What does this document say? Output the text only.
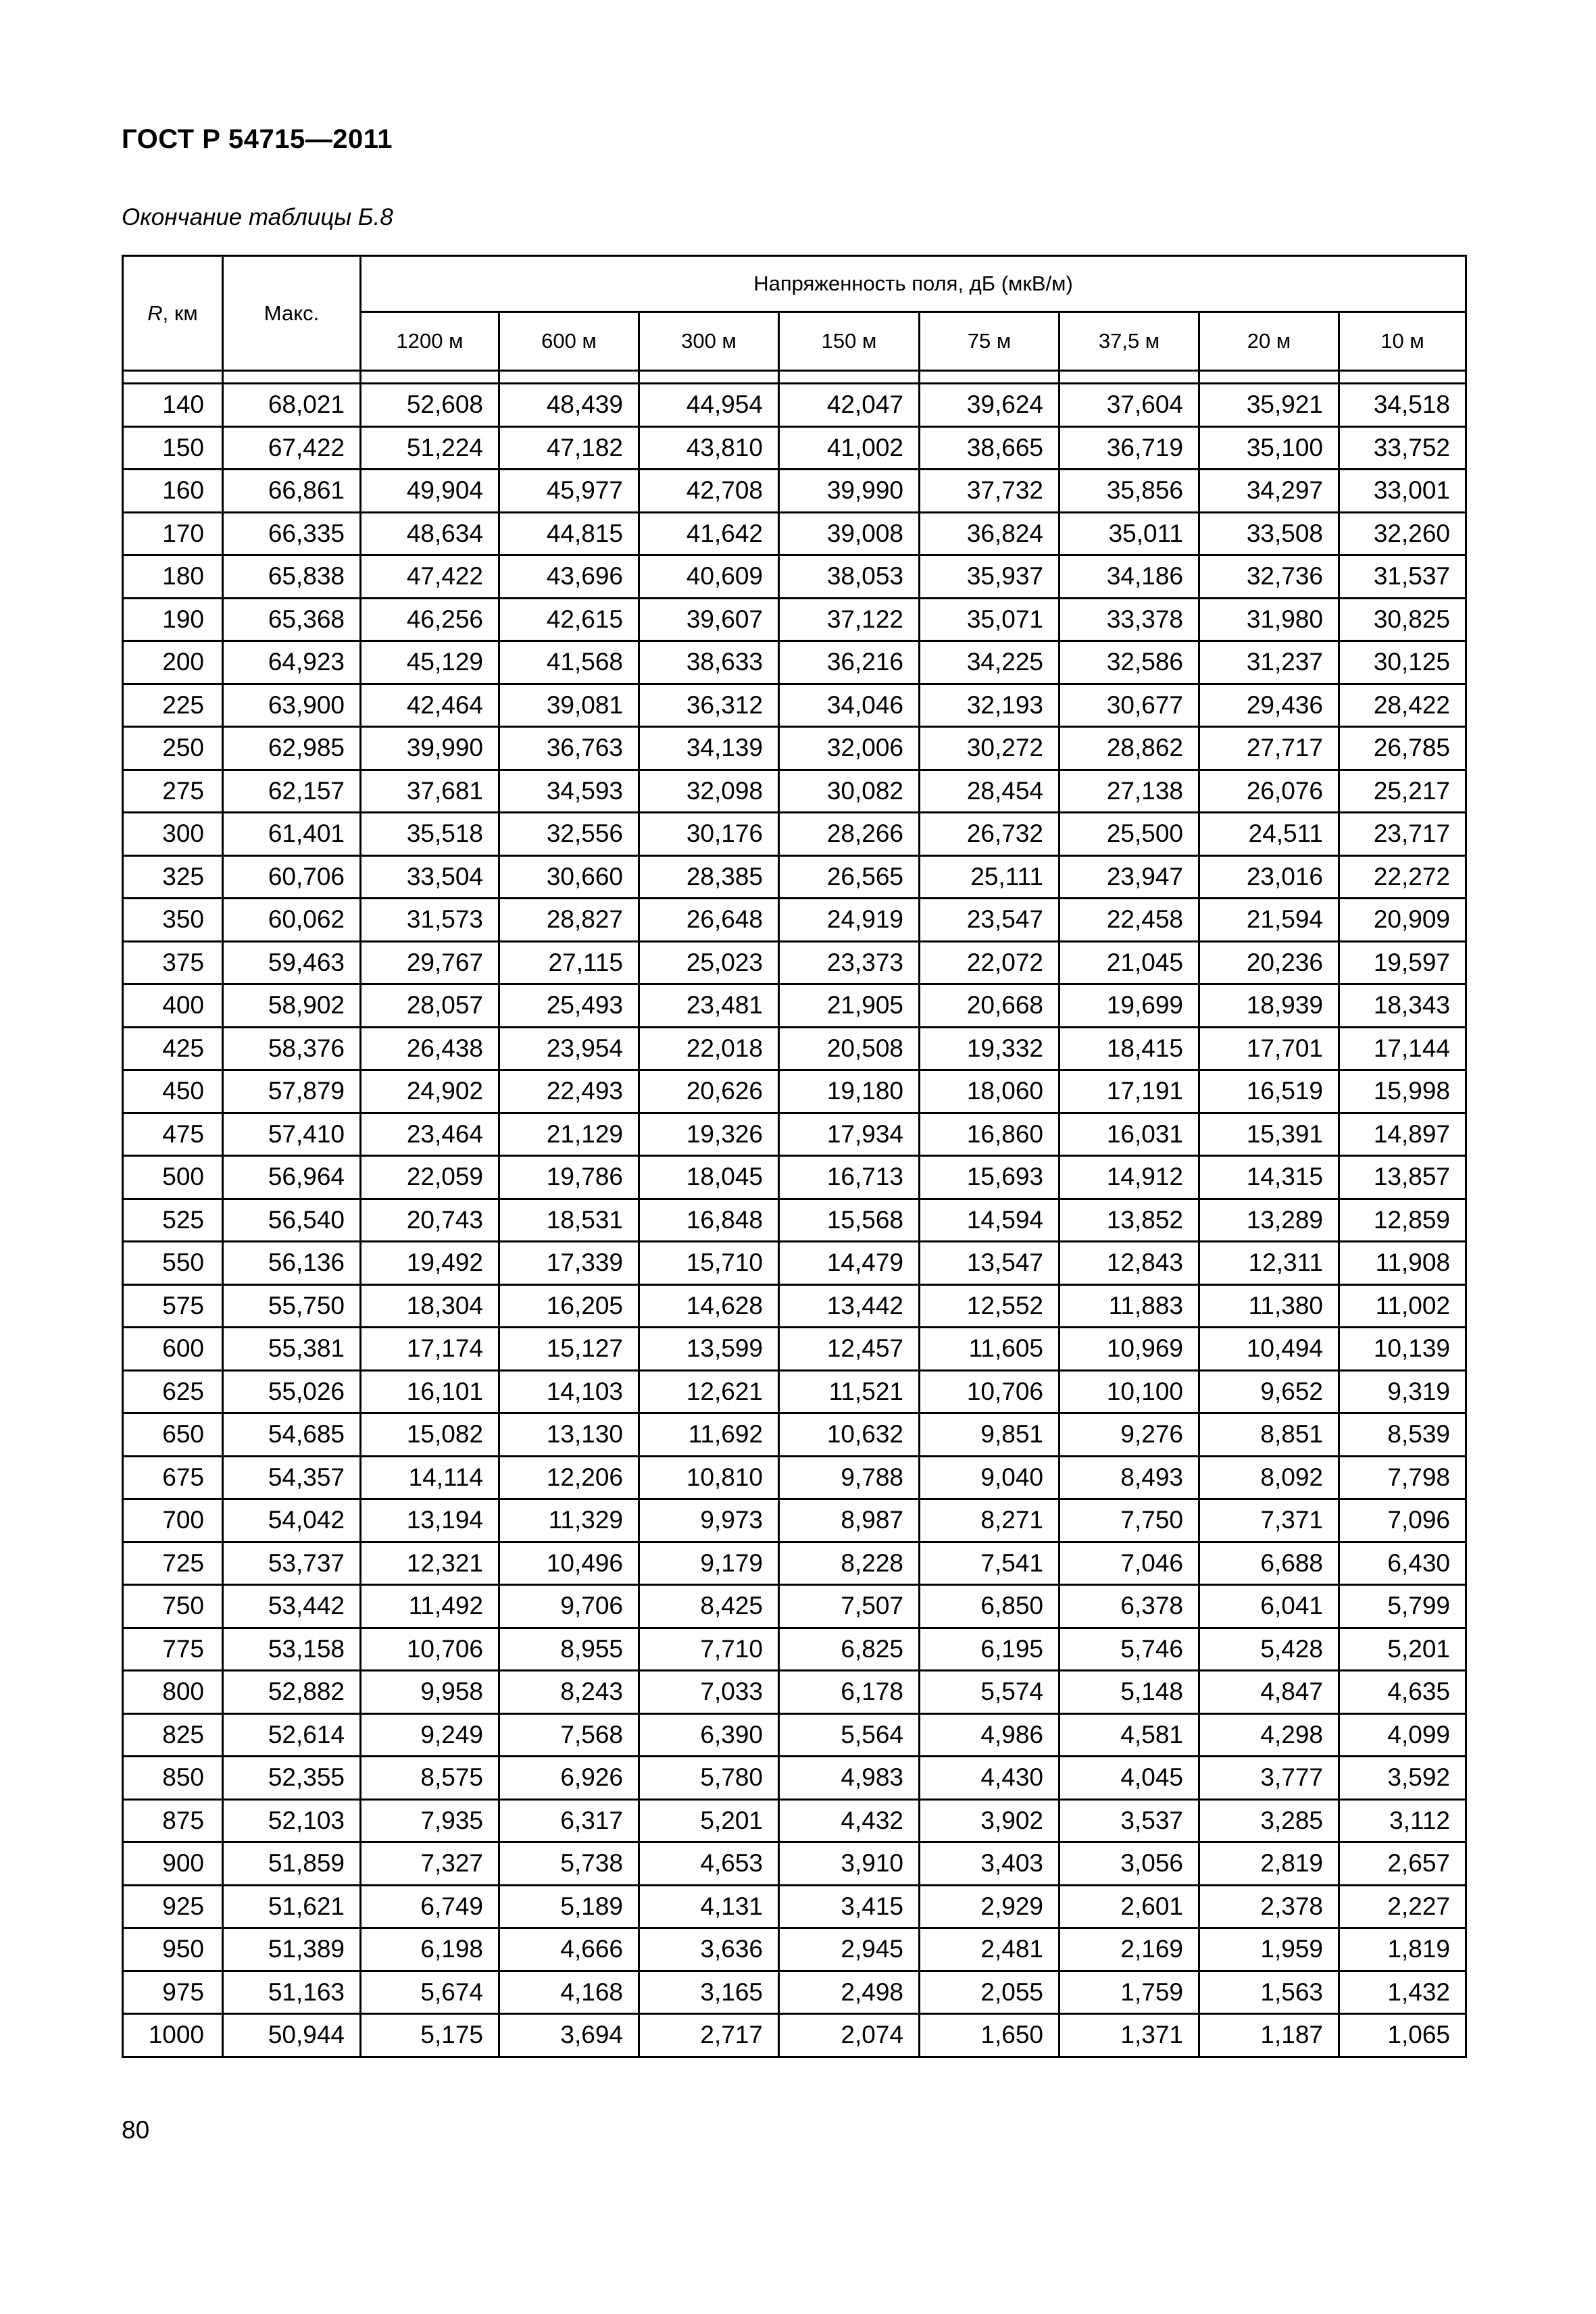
ГОСТ Р 54715—2011
Окончание таблицы Б.8
R, км	Макс.	Напряженность поля, дБ (мкВ/м)							
		1200 м	600 м	300 м	150 м	75 м	37,5 м	20 м	10 м

140	68,021	52,608	48,439	44,954	42,047	39,624	37,604	35,921	34,518
150	67,422	51,224	47,182	43,810	41,002	38,665	36,719	35,100	33,752
160	66,861	49,904	45,977	42,708	39,990	37,732	35,856	34,297	33,001
170	66,335	48,634	44,815	41,642	39,008	36,824	35,011	33,508	32,260
180	65,838	47,422	43,696	40,609	38,053	35,937	34,186	32,736	31,537
190	65,368	46,256	42,615	39,607	37,122	35,071	33,378	31,980	30,825
200	64,923	45,129	41,568	38,633	36,216	34,225	32,586	31,237	30,125
225	63,900	42,464	39,081	36,312	34,046	32,193	30,677	29,436	28,422
250	62,985	39,990	36,763	34,139	32,006	30,272	28,862	27,717	26,785
275	62,157	37,681	34,593	32,098	30,082	28,454	27,138	26,076	25,217
300	61,401	35,518	32,556	30,176	28,266	26,732	25,500	24,511	23,717
325	60,706	33,504	30,660	28,385	26,565	25,111	23,947	23,016	22,272
350	60,062	31,573	28,827	26,648	24,919	23,547	22,458	21,594	20,909
375	59,463	29,767	27,115	25,023	23,373	22,072	21,045	20,236	19,597
400	58,902	28,057	25,493	23,481	21,905	20,668	19,699	18,939	18,343
425	58,376	26,438	23,954	22,018	20,508	19,332	18,415	17,701	17,144
450	57,879	24,902	22,493	20,626	19,180	18,060	17,191	16,519	15,998
475	57,410	23,464	21,129	19,326	17,934	16,860	16,031	15,391	14,897
500	56,964	22,059	19,786	18,045	16,713	15,693	14,912	14,315	13,857
525	56,540	20,743	18,531	16,848	15,568	14,594	13,852	13,289	12,859
550	56,136	19,492	17,339	15,710	14,479	13,547	12,843	12,311	11,908
575	55,750	18,304	16,205	14,628	13,442	12,552	11,883	11,380	11,002
600	55,381	17,174	15,127	13,599	12,457	11,605	10,969	10,494	10,139
625	55,026	16,101	14,103	12,621	11,521	10,706	10,100	9,652	9,319
650	54,685	15,082	13,130	11,692	10,632	9,851	9,276	8,851	8,539
675	54,357	14,114	12,206	10,810	9,788	9,040	8,493	8,092	7,798
700	54,042	13,194	11,329	9,973	8,987	8,271	7,750	7,371	7,096
725	53,737	12,321	10,496	9,179	8,228	7,541	7,046	6,688	6,430
750	53,442	11,492	9,706	8,425	7,507	6,850	6,378	6,041	5,799
775	53,158	10,706	8,955	7,710	6,825	6,195	5,746	5,428	5,201
800	52,882	9,958	8,243	7,033	6,178	5,574	5,148	4,847	4,635
825	52,614	9,249	7,568	6,390	5,564	4,986	4,581	4,298	4,099
850	52,355	8,575	6,926	5,780	4,983	4,430	4,045	3,777	3,592
875	52,103	7,935	6,317	5,201	4,432	3,902	3,537	3,285	3,112
900	51,859	7,327	5,738	4,653	3,910	3,403	3,056	2,819	2,657
925	51,621	6,749	5,189	4,131	3,415	2,929	2,601	2,378	2,227
950	51,389	6,198	4,666	3,636	2,945	2,481	2,169	1,959	1,819
975	51,163	5,674	4,168	3,165	2,498	2,055	1,759	1,563	1,432
1000	50,944	5,175	3,694	2,717	2,074	1,650	1,371	1,187	1,065
80
